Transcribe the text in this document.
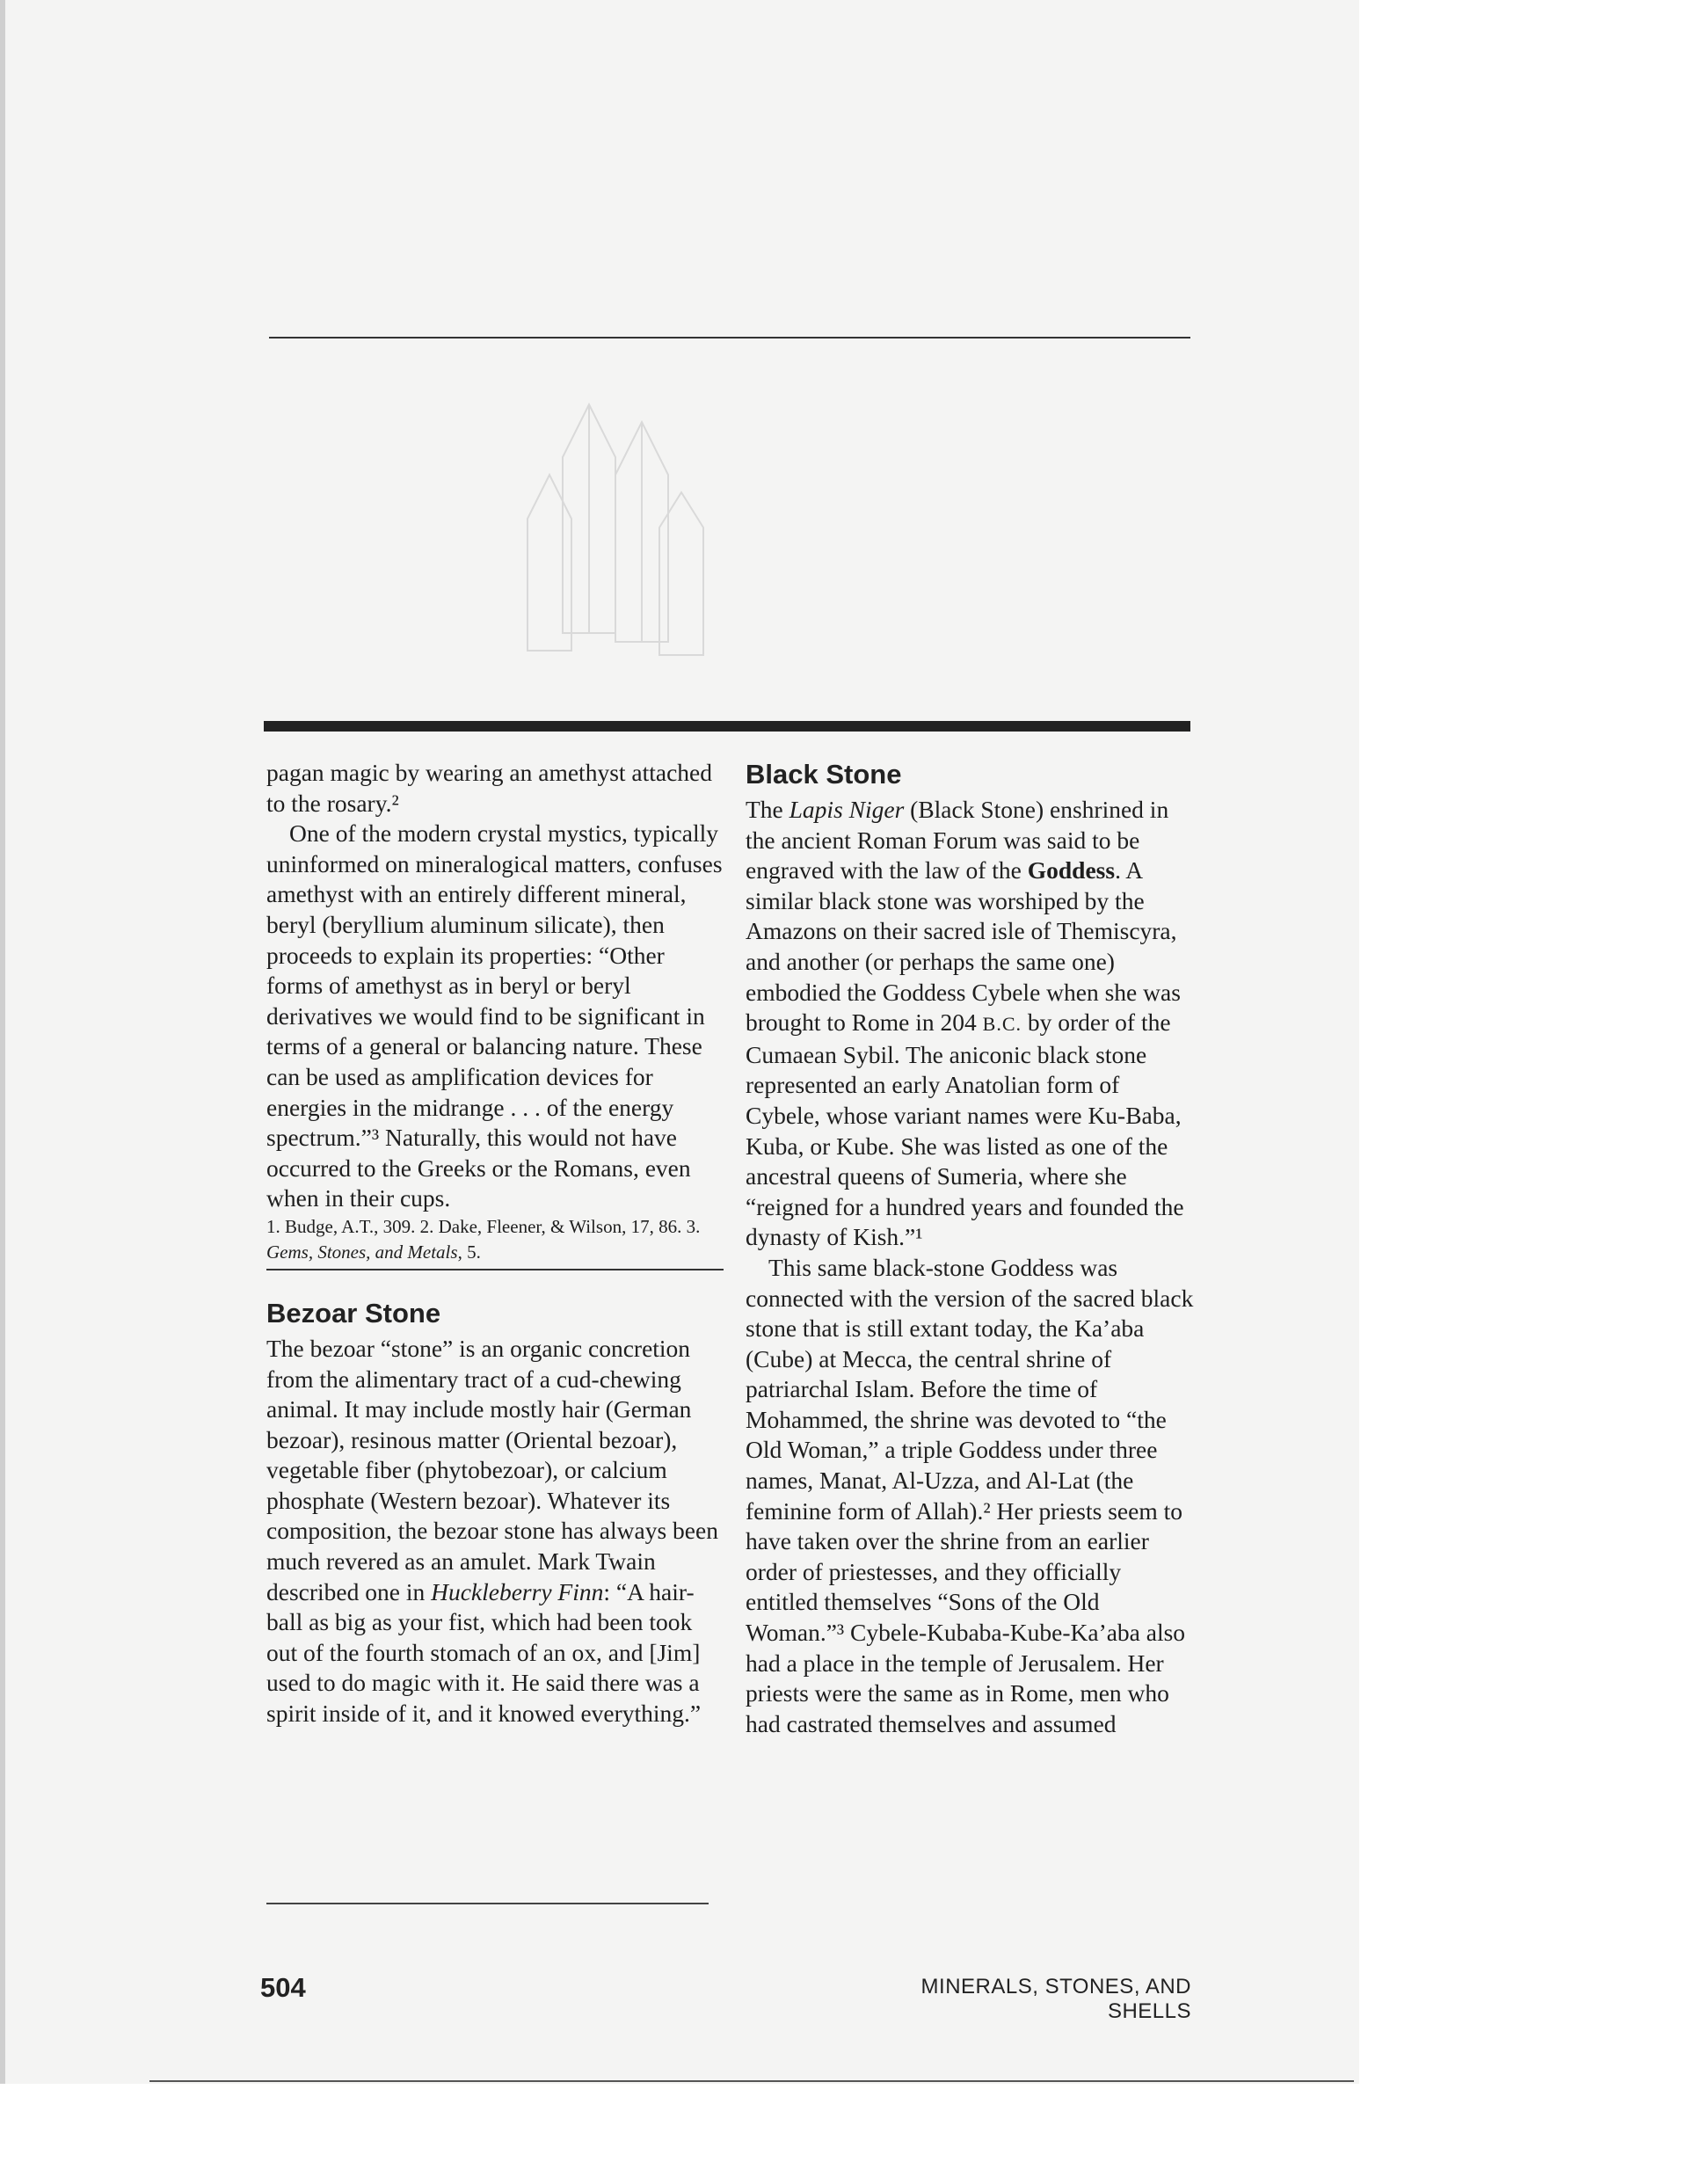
pagan magic by wearing an amethyst attached to the rosary.²

One of the modern crystal mystics, typically uninformed on mineralogical matters, confuses amethyst with an entirely different mineral, beryl (beryllium aluminum silicate), then proceeds to explain its properties: “Other forms of amethyst as in beryl or beryl derivatives we would find to be significant in terms of a general or balancing nature. These can be used as amplification devices for energies in the midrange . . . of the energy spectrum.”³ Naturally, this would not have occurred to the Greeks or the Romans, even when in their cups.

1. Budge, A.T., 309. 2. Dake, Fleener, & Wilson, 17, 86. 3. Gems, Stones, and Metals, 5.

Bezoar Stone

The bezoar “stone” is an organic concretion from the alimentary tract of a cud-chewing animal. It may include mostly hair (German bezoar), resinous matter (Oriental bezoar), vegetable fiber (phytobezoar), or calcium phosphate (Western bezoar). Whatever its composition, the bezoar stone has always been much revered as an amulet. Mark Twain described one in Huckleberry Finn: “A hair-ball as big as your fist, which had been took out of the fourth stomach of an ox, and [Jim] used to do magic with it. He said there was a spirit inside of it, and it knowed everything.”

Black Stone

The Lapis Niger (Black Stone) enshrined in the ancient Roman Forum was said to be engraved with the law of the Goddess. A similar black stone was worshiped by the Amazons on their sacred isle of Themiscyra, and another (or perhaps the same one) embodied the Goddess Cybele when she was brought to Rome in 204 B.C. by order of the Cumaean Sybil. The aniconic black stone represented an early Anatolian form of Cybele, whose variant names were Ku-Baba, Kuba, or Kube. She was listed as one of the ancestral queens of Sumeria, where she “reigned for a hundred years and founded the dynasty of Kish.”¹

This same black-stone Goddess was connected with the version of the sacred black stone that is still extant today, the Ka’aba (Cube) at Mecca, the central shrine of patriarchal Islam. Before the time of Mohammed, the shrine was devoted to “the Old Woman,” a triple Goddess under three names, Manat, Al-Uzza, and Al-Lat (the feminine form of Allah).² Her priests seem to have taken over the shrine from an earlier order of priestesses, and they officially entitled themselves “Sons of the Old Woman.”³ Cybele-Kubaba-Kube-Ka’aba also had a place in the temple of Jerusalem. Her priests were the same as in Rome, men who had castrated themselves and assumed

504	MINERALS, STONES, AND SHELLS
